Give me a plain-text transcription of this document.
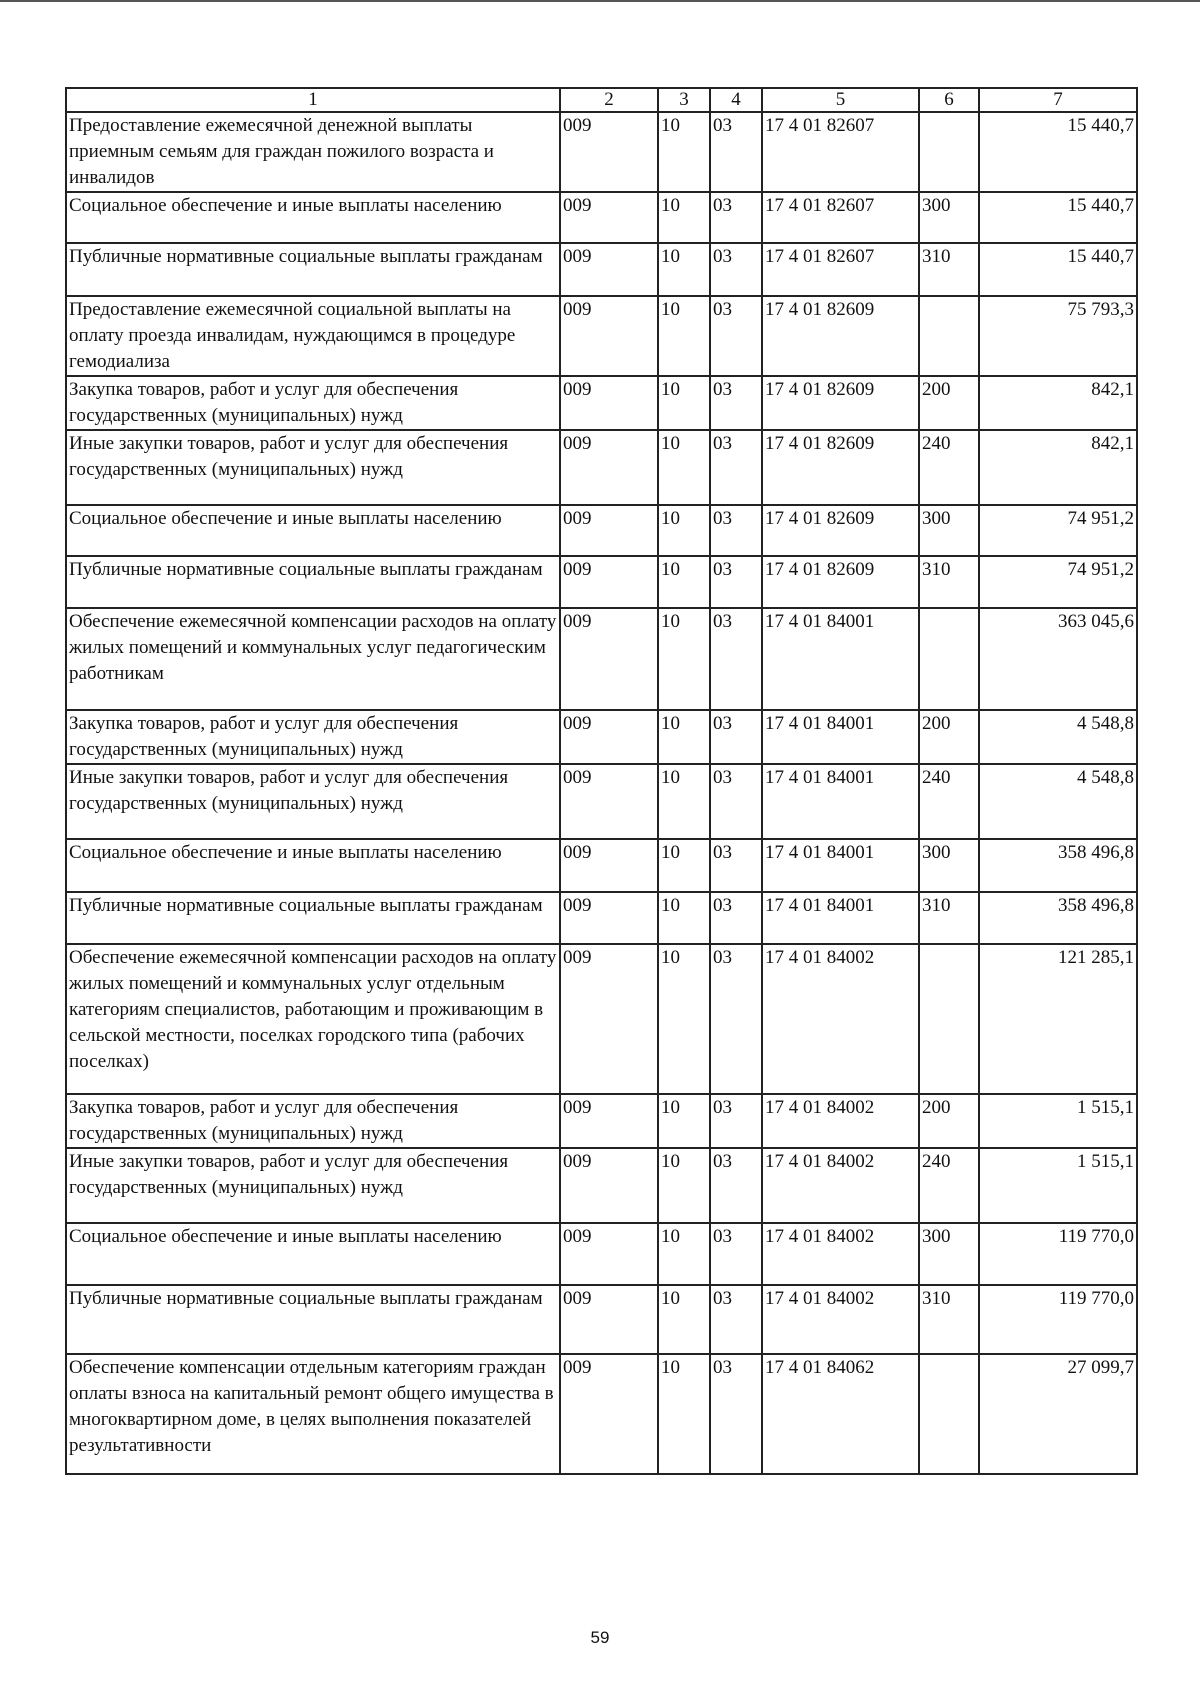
1	2	3	4	5	6	7
Предоставление ежемесячной денежной выплаты приемным семьям для граждан пожилого возраста и инвалидов	009	10	03	17 4 01 82607		15 440,7
Социальное обеспечение и иные выплаты населению	009	10	03	17 4 01 82607	300	15 440,7
Публичные нормативные социальные выплаты гражданам	009	10	03	17 4 01 82607	310	15 440,7
Предоставление ежемесячной социальной выплаты на оплату проезда инвалидам, нуждающимся в процедуре гемодиализа	009	10	03	17 4 01 82609		75 793,3
Закупка товаров, работ и услуг для обеспечения государственных (муниципальных) нужд	009	10	03	17 4 01 82609	200	842,1
Иные закупки товаров, работ и услуг для обеспечения государственных (муниципальных) нужд	009	10	03	17 4 01 82609	240	842,1
Социальное обеспечение и иные выплаты населению	009	10	03	17 4 01 82609	300	74 951,2
Публичные нормативные социальные выплаты гражданам	009	10	03	17 4 01 82609	310	74 951,2
Обеспечение ежемесячной компенсации расходов на оплату жилых помещений и коммунальных услуг педагогическим работникам	009	10	03	17 4 01 84001		363 045,6
Закупка товаров, работ и услуг для обеспечения государственных (муниципальных) нужд	009	10	03	17 4 01 84001	200	4 548,8
Иные закупки товаров, работ и услуг для обеспечения государственных (муниципальных) нужд	009	10	03	17 4 01 84001	240	4 548,8
Социальное обеспечение и иные выплаты населению	009	10	03	17 4 01 84001	300	358 496,8
Публичные нормативные социальные выплаты гражданам	009	10	03	17 4 01 84001	310	358 496,8
Обеспечение ежемесячной компенсации расходов на оплату жилых помещений и коммунальных услуг отдельным категориям специалистов, работающим и проживающим в сельской местности, поселках городского типа (рабочих поселках)	009	10	03	17 4 01 84002		121 285,1
Закупка товаров, работ и услуг для обеспечения государственных (муниципальных) нужд	009	10	03	17 4 01 84002	200	1 515,1
Иные закупки товаров, работ и услуг для обеспечения государственных (муниципальных) нужд	009	10	03	17 4 01 84002	240	1 515,1
Социальное обеспечение и иные выплаты населению	009	10	03	17 4 01 84002	300	119 770,0
Публичные нормативные социальные выплаты гражданам	009	10	03	17 4 01 84002	310	119 770,0
Обеспечение компенсации отдельным категориям граждан оплаты взноса на капитальный ремонт общего имущества в многоквартирном доме, в целях выполнения показателей результативности	009	10	03	17 4 01 84062		27 099,7
59
